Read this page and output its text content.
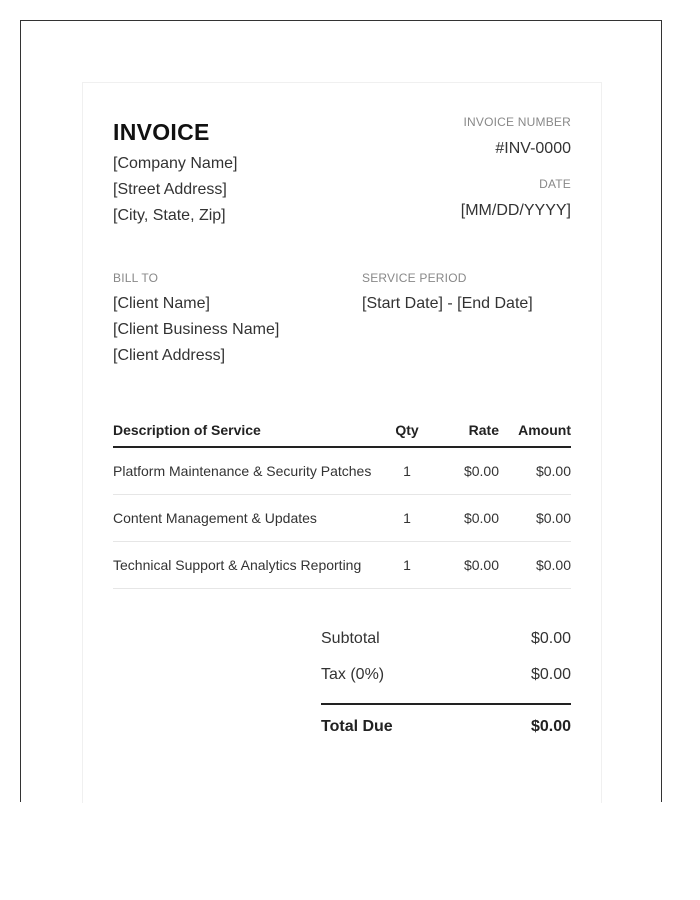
INVOICE
[Company Name]
[Street Address]
[City, State, Zip]
INVOICE NUMBER
#INV-0000
DATE
[MM/DD/YYYY]
BILL TO
[Client Name]
[Client Business Name]
[Client Address]
SERVICE PERIOD
[Start Date] - [End Date]
Description of Service	Qty	Rate	Amount
Platform Maintenance & Security Patches	1	$0.00	$0.00
Content Management & Updates	1	$0.00	$0.00
Technical Support & Analytics Reporting	1	$0.00	$0.00
Subtotal	$0.00
Tax (0%)	$0.00
Total Due	$0.00
